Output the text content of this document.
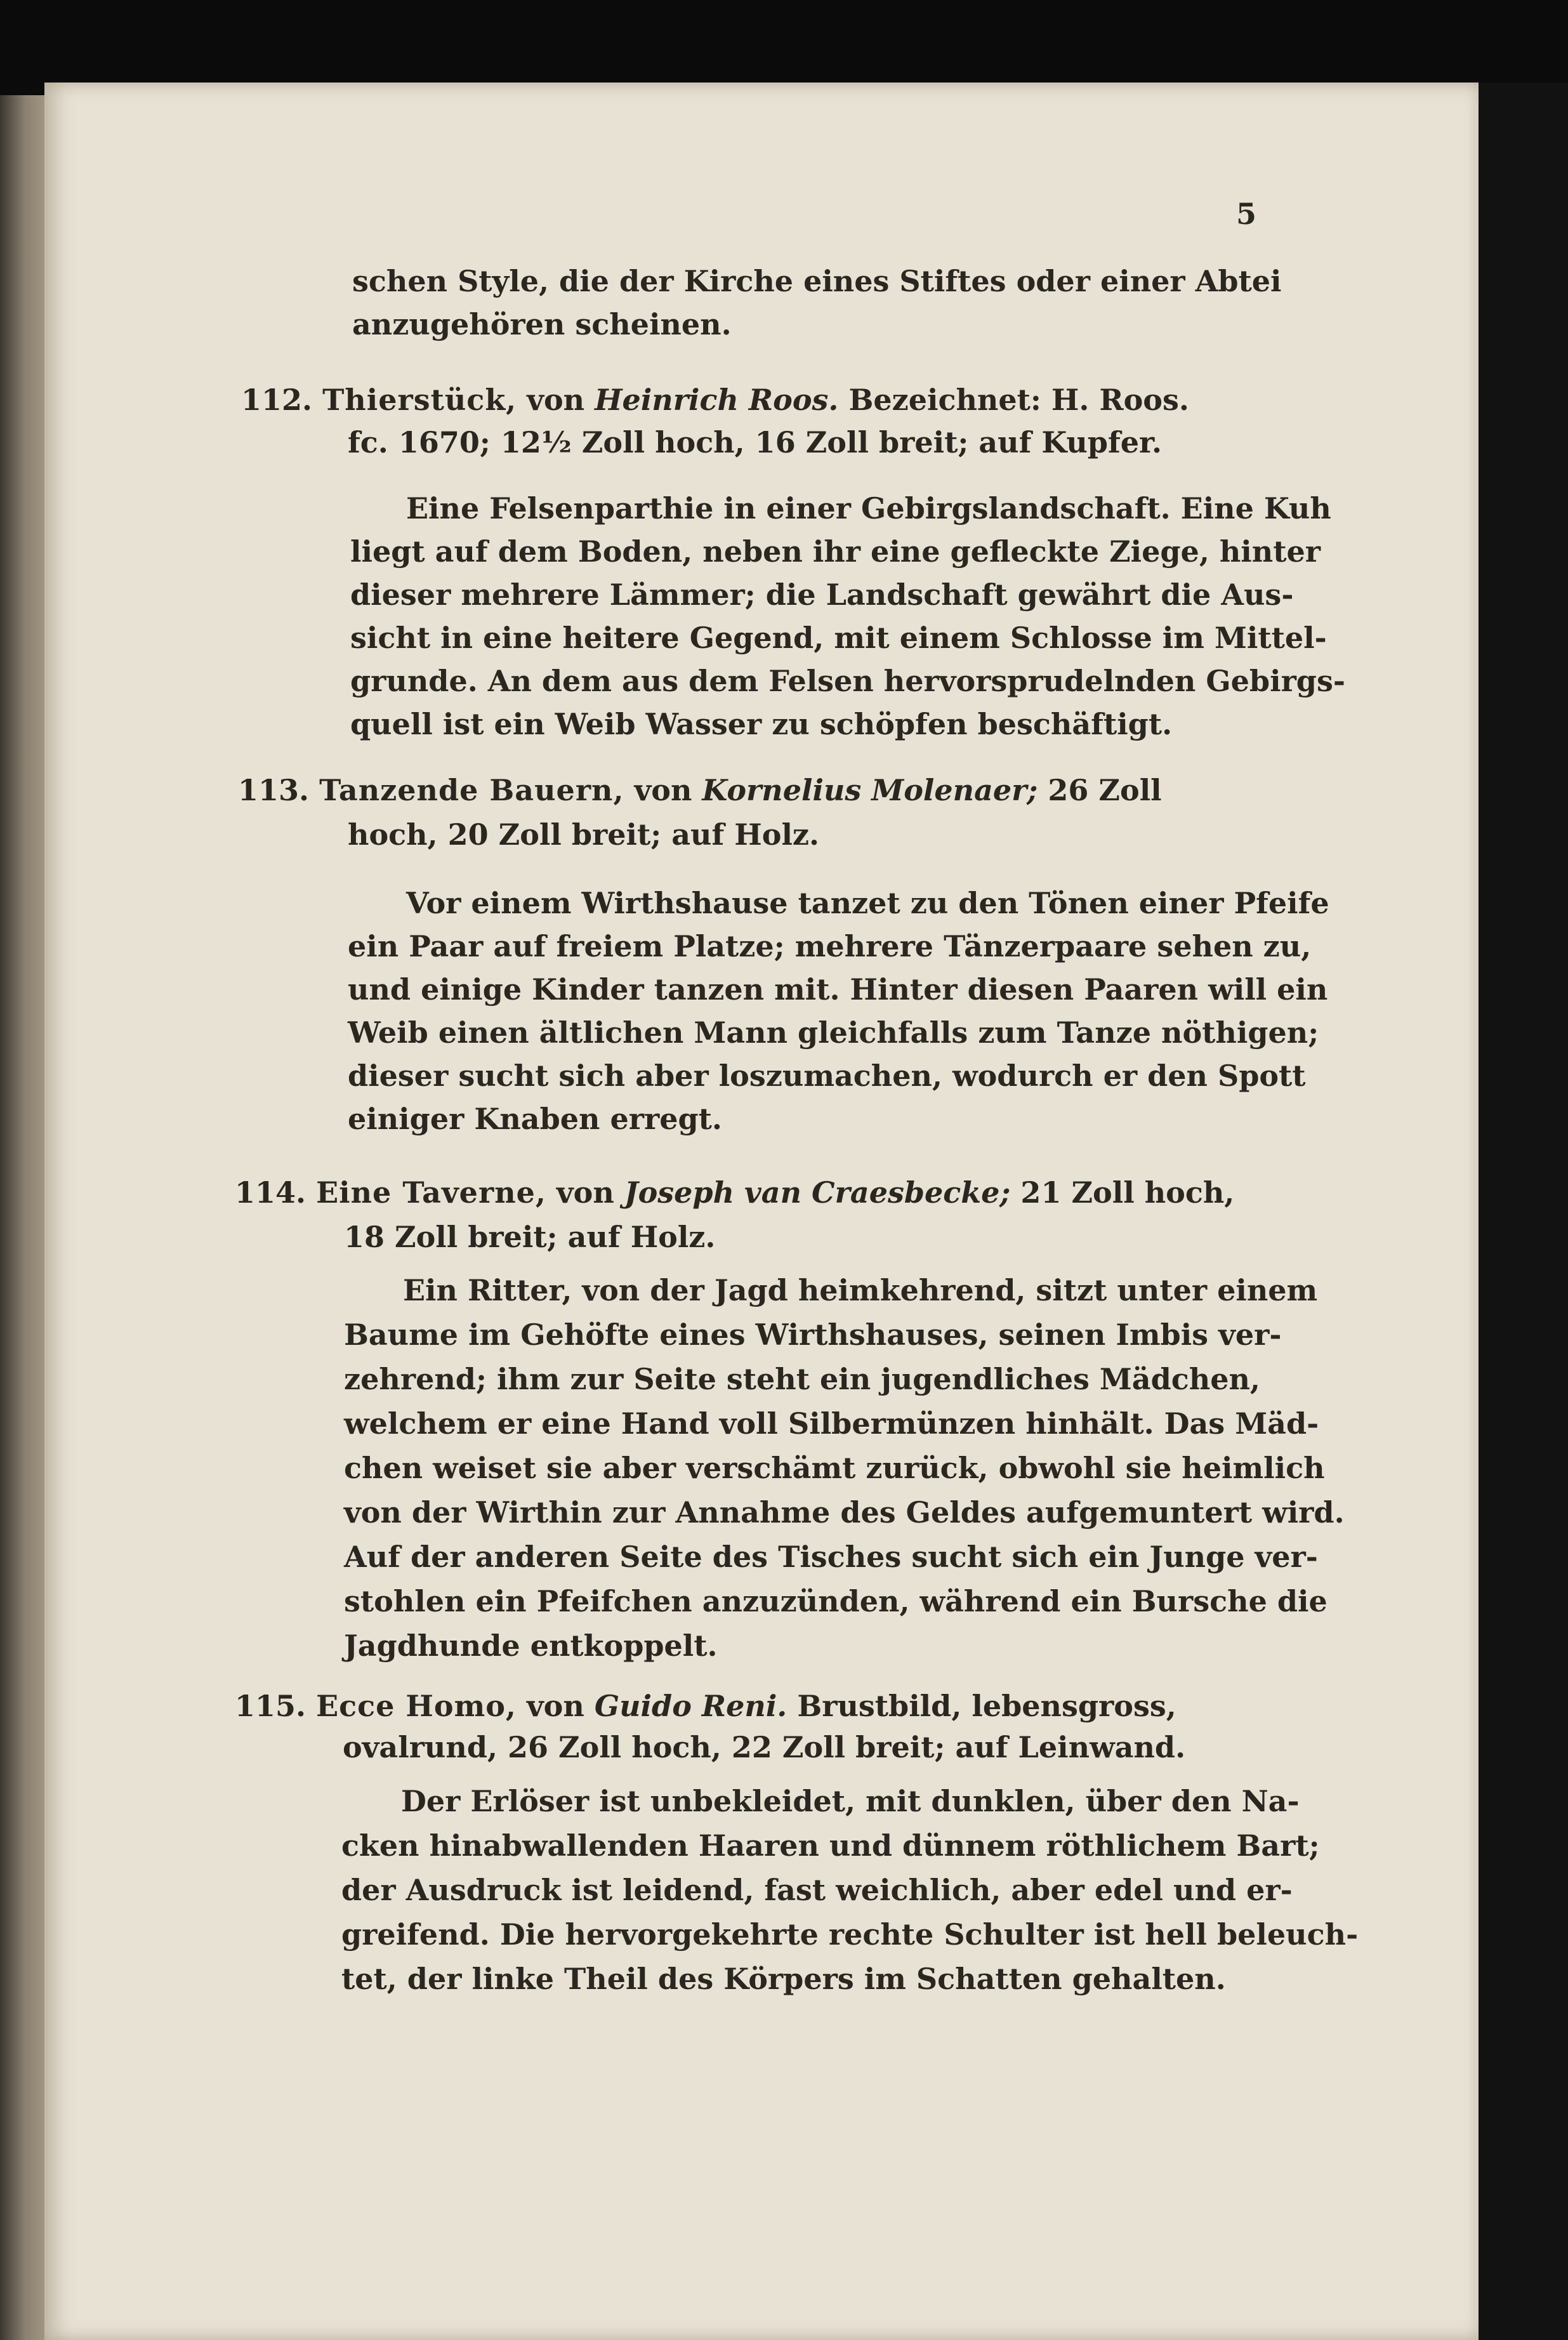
5
schen Style, die der Kirche eines Stiftes oder einer Abtei
anzugehören scheinen.
112. Thierstück, von Heinrich Roos. Bezeichnet: H. Roos.
fc. 1670; 12½ Zoll hoch, 16 Zoll breit; auf Kupfer.
Eine Felsenparthie in einer Gebirgslandschaft. Eine Kuh
liegt auf dem Boden, neben ihr eine gefleckte Ziege, hinter
dieser mehrere Lämmer; die Landschaft gewährt die Aus-
sicht in eine heitere Gegend, mit einem Schlosse im Mittel-
grunde. An dem aus dem Felsen hervorsprudelnden Gebirgs-
quell ist ein Weib Wasser zu schöpfen beschäftigt.
113. Tanzende Bauern, von Kornelius Molenaer; 26 Zoll
hoch, 20 Zoll breit; auf Holz.
Vor einem Wirthshause tanzet zu den Tönen einer Pfeife
ein Paar auf freiem Platze; mehrere Tänzerpaare sehen zu,
und einige Kinder tanzen mit. Hinter diesen Paaren will ein
Weib einen ältlichen Mann gleichfalls zum Tanze nöthigen;
dieser sucht sich aber loszumachen, wodurch er den Spott
einiger Knaben erregt.
114. Eine Taverne, von Joseph van Craesbecke; 21 Zoll hoch,
18 Zoll breit; auf Holz.
Ein Ritter, von der Jagd heimkehrend, sitzt unter einem
Baume im Gehöfte eines Wirthshauses, seinen Imbis ver-
zehrend; ihm zur Seite steht ein jugendliches Mädchen,
welchem er eine Hand voll Silbermünzen hinhält. Das Mäd-
chen weiset sie aber verschämt zurück, obwohl sie heimlich
von der Wirthin zur Annahme des Geldes aufgemuntert wird.
Auf der anderen Seite des Tisches sucht sich ein Junge ver-
stohlen ein Pfeifchen anzuzünden, während ein Bursche die
Jagdhunde entkoppelt.
115. Ecce Homo, von Guido Reni. Brustbild, lebensgross,
ovalrund, 26 Zoll hoch, 22 Zoll breit; auf Leinwand.
Der Erlöser ist unbekleidet, mit dunklen, über den Na-
cken hinabwallenden Haaren und dünnem röthlichem Bart;
der Ausdruck ist leidend, fast weichlich, aber edel und er-
greifend. Die hervorgekehrte rechte Schulter ist hell beleuch-
tet, der linke Theil des Körpers im Schatten gehalten.
